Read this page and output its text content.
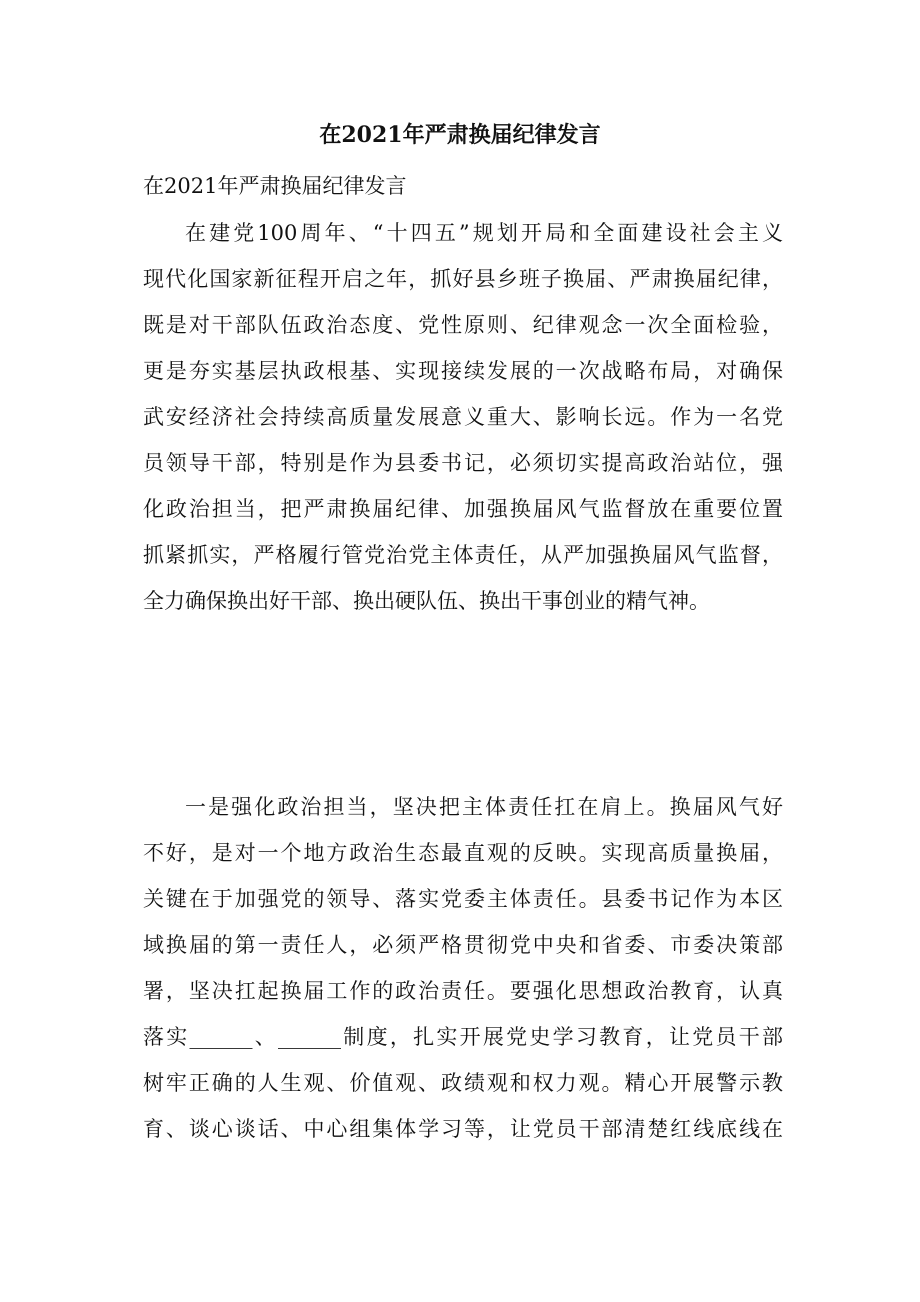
在2021年严肃换届纪律发言

在2021年严肃换届纪律发言

在建党100周年、“十四五”规划开局和全面建设社会主义
现代化国家新征程开启之年，抓好县乡班子换届、严肃换届纪律，
既是对干部队伍政治态度、党性原则、纪律观念一次全面检验，
更是夯实基层执政根基、实现接续发展的一次战略布局，对确保
武安经济社会持续高质量发展意义重大、影响长远。作为一名党
员领导干部，特别是作为县委书记，必须切实提高政治站位，强
化政治担当，把严肃换届纪律、加强换届风气监督放在重要位置
抓紧抓实，严格履行管党治党主体责任，从严加强换届风气监督，
全力确保换出好干部、换出硬队伍、换出干事创业的精气神。
一是强化政治担当，坚决把主体责任扛在肩上。换届风气好
不好，是对一个地方政治生态最直观的反映。实现高质量换届，
关键在于加强党的领导、落实党委主体责任。县委书记作为本区
域换届的第一责任人，必须严格贯彻党中央和省委、市委决策部
署，坚决扛起换届工作的政治责任。要强化思想政治教育，认真
落实______、______制度，扎实开展党史学习教育，让党员干部
树牢正确的人生观、价值观、政绩观和权力观。精心开展警示教
育、谈心谈话、中心组集体学习等，让党员干部清楚红线底线在
